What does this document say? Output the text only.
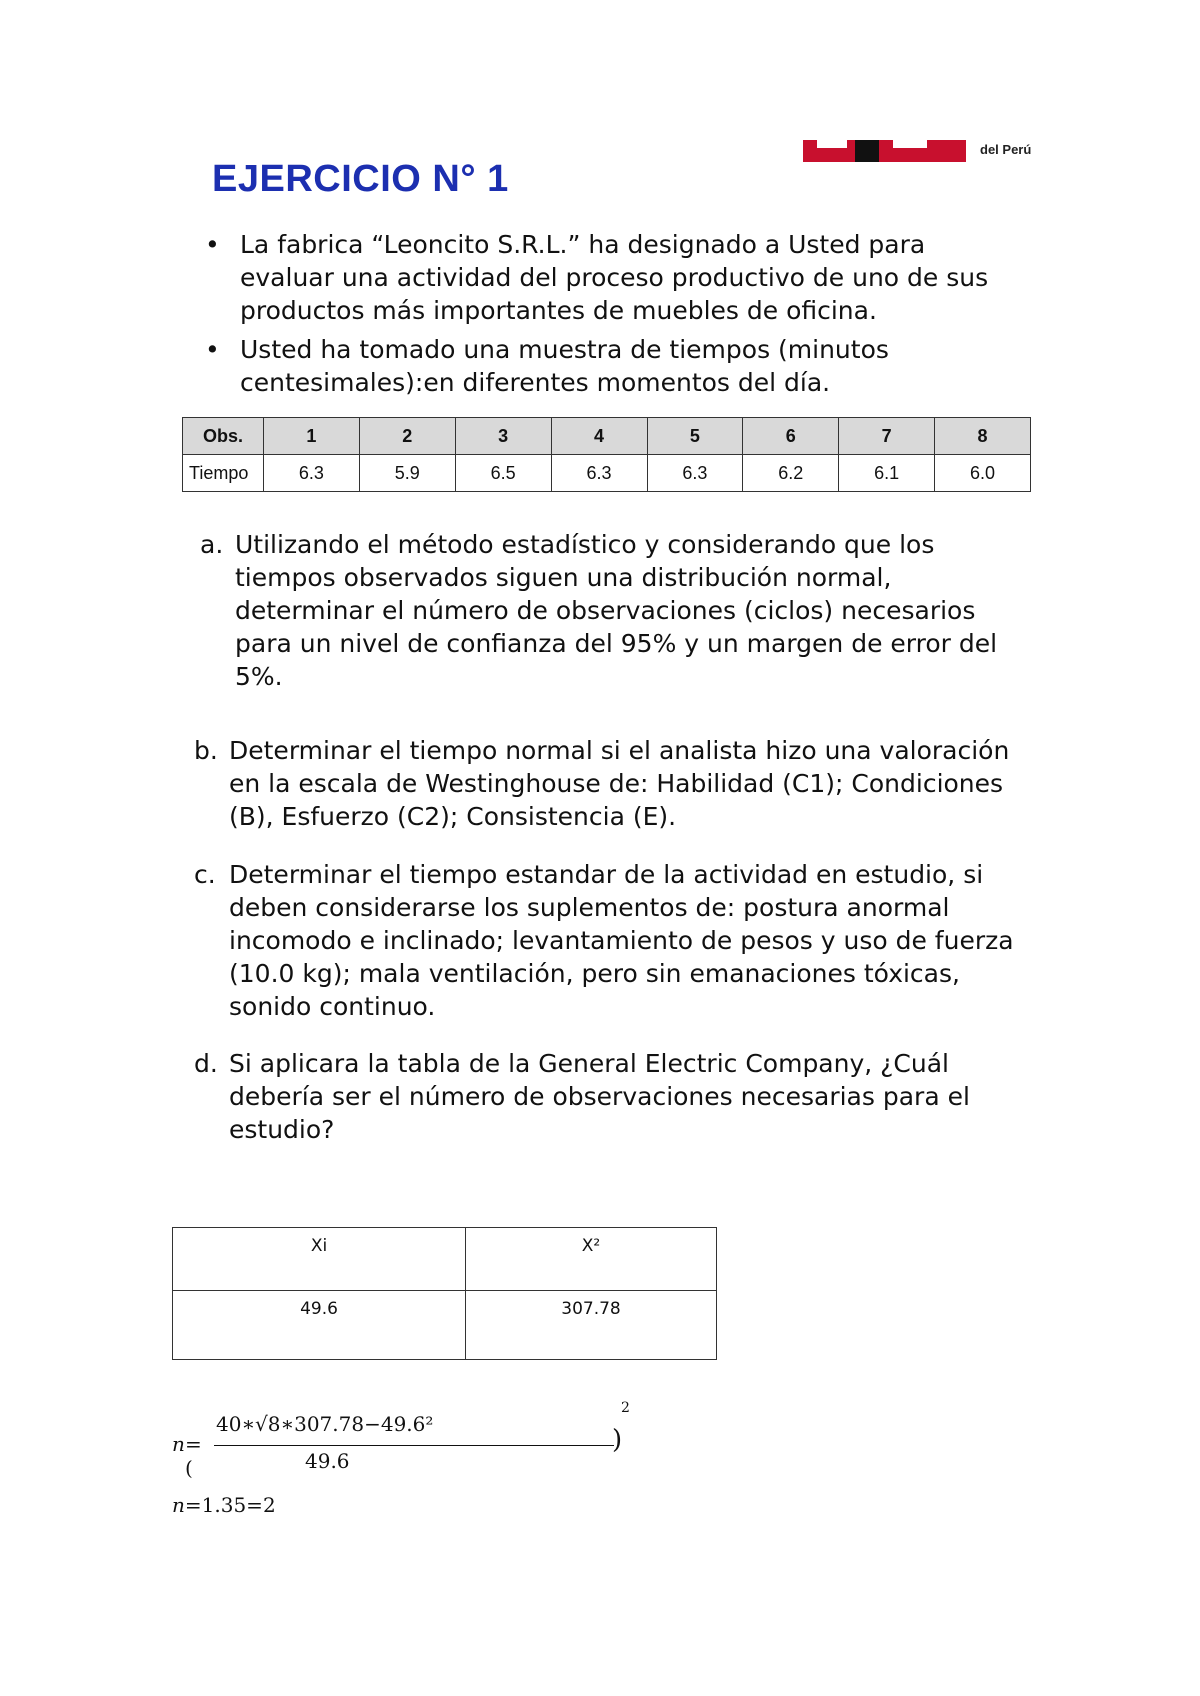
del Perú
EJERCICIO N° 1
• La fabrica “Leoncito S.R.L.” ha designado a Usted para evaluar una actividad del proceso productivo de uno de sus productos más importantes de muebles de oficina.
• Usted ha tomado una muestra de tiempos (minutos centesimales):en diferentes momentos del día.
Obs.	1	2	3	4	5	6	7	8
Tiempo	6.3	5.9	6.5	6.3	6.3	6.2	6.1	6.0
a. Utilizando el método estadístico y considerando que los tiempos observados siguen una distribución normal, determinar el número de observaciones (ciclos) necesarios para un nivel de confianza del 95% y un margen de error del 5%.
b. Determinar el tiempo normal si el analista hizo una valoración en la escala de Westinghouse de: Habilidad (C1); Condiciones (B), Esfuerzo (C2); Consistencia (E).
c. Determinar el tiempo estandar de la actividad en estudio, si deben considerarse los suplementos de: postura anormal incomodo e inclinado; levantamiento de pesos y uso de fuerza (10.0 kg); mala ventilación, pero sin emanaciones tóxicas, sonido continuo.
d. Si aplicara la tabla de la General Electric Company, ¿Cuál debería ser el número de observaciones necesarias para el estudio?
Xi	X²
49.6	307.78
n =(
40∗√8∗307.78−49.6²
49.6
)
2
n=1.35=2
